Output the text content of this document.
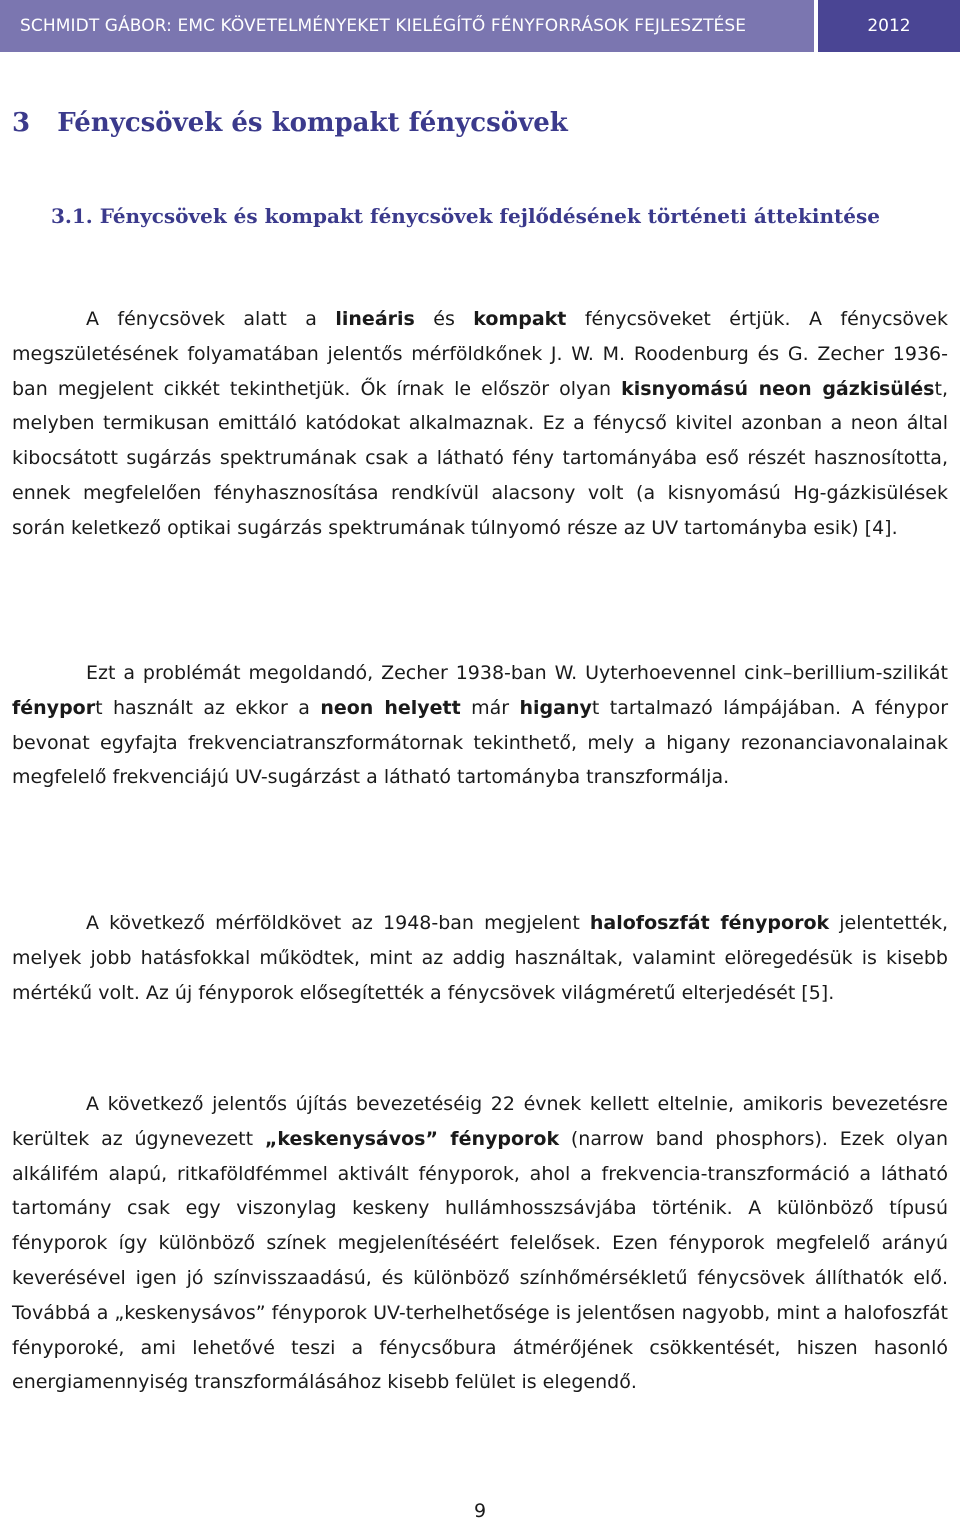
SCHMIDT GÁBOR: EMC KÖVETELMÉNYEKET KIELÉGÍTŐ FÉNYFORRÁSOK FEJLESZTÉSE	2012
3   Fénycsövek és kompakt fénycsövek
3.1. Fénycsövek és kompakt fénycsövek fejlődésének történeti áttekintése

A fénycsövek alatt a lineáris és kompakt fénycsöveket értjük. A fénycsövek megszületésének folyamatában jelentős mérföldkőnek J. W. M. Roodenburg és G. Zecher 1936-ban megjelent cikkét tekinthetjük. Ők írnak le először olyan kisnyomású neon gázkisülést, melyben termikusan emittáló katódokat alkalmaznak. Ez a fénycső kivitel azonban a neon által kibocsátott sugárzás spektrumának csak a látható fény tartományába eső részét hasznosította, ennek megfelelően fényhasznosítása rendkívül alacsony volt (a kisnyomású Hg-gázkisülések során keletkező optikai sugárzás spektrumának túlnyomó része az UV tartományba esik) [4].

Ezt a problémát megoldandó, Zecher 1938-ban W. Uyterhoevennel cink–berillium-szilikát fényport használt az ekkor a neon helyett már higanyt tartalmazó lámpájában. A fénypor bevonat egyfajta frekvenciatranszformátornak tekinthető, mely a higany rezonanciavonalainak megfelelő frekvenciájú UV-sugárzást a látható tartományba transzformálja.

A következő mérföldkövet az 1948-ban megjelent halofoszfát fényporok jelentették, melyek jobb hatásfokkal működtek, mint az addig használtak, valamint elöregedésük is kisebb mértékű volt. Az új fényporok elősegítették a fénycsövek világméretű elterjedését [5].

A következő jelentős újítás bevezetéséig 22 évnek kellett eltelnie, amikoris bevezetésre kerültek az úgynevezett „keskenysávos” fényporok (narrow band phosphors). Ezek olyan alkálifém alapú, ritkaföldfémmel aktivált fényporok, ahol a frekvencia-transzformáció a látható tartomány csak egy viszonylag keskeny hullámhosszsávjába történik. A különböző típusú fényporok így különböző színek megjelenítéséért felelősek. Ezen fényporok megfelelő arányú keverésével igen jó színvisszaadású, és különböző színhőmérsékletű fénycsövek állíthatók elő. Továbbá a „keskenysávos” fényporok UV-terhelhetősége is jelentősen nagyobb, mint a halofoszfát fényporoké, ami lehetővé teszi a fénycsőbura átmérőjének csökkentését, hiszen hasonló energiamennyiség transzformálásához kisebb felület is elegendő.

9
